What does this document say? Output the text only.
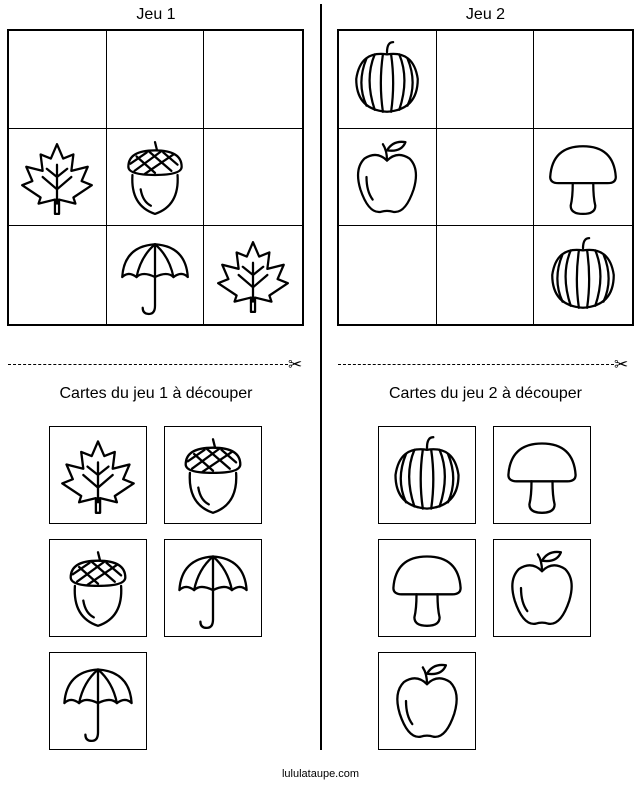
Jeu 1	Jeu 2
✂	✂
Cartes du jeu 1 à découper	Cartes du jeu 2 à découper
lululataupe.com
